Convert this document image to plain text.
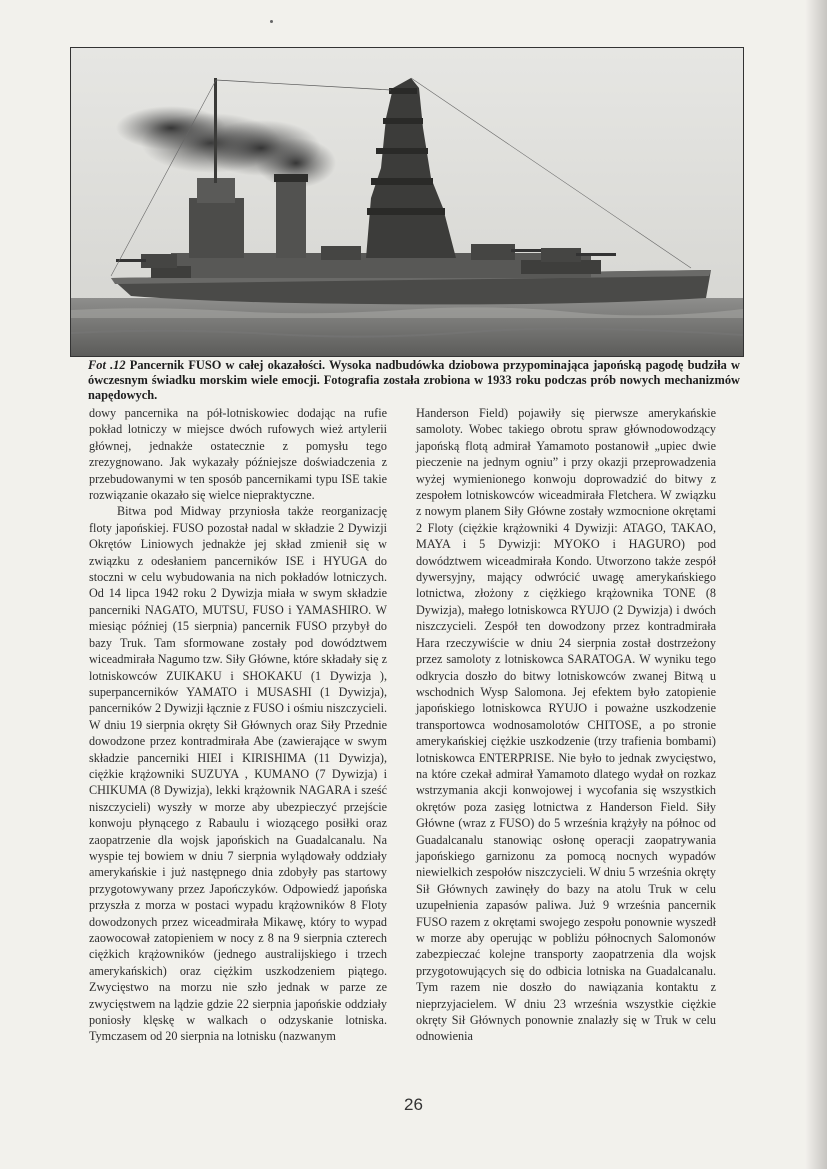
Fot .12 Pancernik FUSO w całej okazałości. Wysoka nadbudówka dziobowa przypominająca japońską pagodę budziła w ówczesnym świadku morskim wiele emocji. Fotografia została zrobiona w 1933 roku podczas prób nowych mechanizmów napędowych.

dowy pancernika na pół-lotniskowiec dodając na rufie pokład lotniczy w miejsce dwóch rufowych wież artylerii głównej, jednakże ostatecznie z pomysłu tego zrezygnowano. Jak wykazały późniejsze doświadczenia z przebudowanymi w ten sposób pancernikami typu ISE takie rozwiązanie okazało się wielce niepraktyczne.

Bitwa pod Midway przyniosła także reorganizację floty japońskiej. FUSO pozostał nadal w składzie 2 Dywizji Okrętów Liniowych jednakże jej skład zmienił się w związku z odesłaniem pancerników ISE i HYUGA do stoczni w celu wybudowania na nich pokładów lotniczych. Od 14 lipca 1942 roku 2 Dywizja miała w swym składzie pancerniki NAGATO, MUTSU, FUSO i YAMASHIRO. W miesiąc później (15 sierpnia) pancernik FUSO przybył do bazy Truk. Tam sformowane zostały pod dowództwem wiceadmirała Nagumo tzw. Siły Główne, które składały się z lotniskowców ZUIKAKU i SHOKAKU (1 Dywizja ), superpancerników YAMATO i MUSASHI (1 Dywizja), pancerników 2 Dywizji łącznie z FUSO i ośmiu niszczycieli. W dniu 19 sierpnia okręty Sił Głównych oraz Siły Przednie dowodzone przez kontradmirała Abe (zawierające w swym składzie pancerniki HIEI i KIRISHIMA (11 Dywizja), ciężkie krążowniki SUZUYA , KUMANO (7 Dywizja) i CHIKUMA (8 Dywizja), lekki krążownik NAGARA i sześć niszczycieli) wyszły w morze aby ubezpieczyć przejście konwoju płynącego z Rabaulu i wiozącego posiłki oraz zaopatrzenie dla wojsk japońskich na Guadalcanalu. Na wyspie tej bowiem w dniu 7 sierpnia wylądowały oddziały amerykańskie i już następnego dnia zdobyły pas startowy przygotowywany przez Japończyków. Odpowiedź japońska przyszła z morza w postaci wypadu krążowników 8 Floty dowodzonych przez wiceadmirała Mikawę, który to wypad zaowocował zatopieniem w nocy z 8 na 9 sierpnia czterech ciężkich krążowników (jednego australijskiego i trzech amerykańskich) oraz ciężkim uszkodzeniem piątego. Zwycięstwo na morzu nie szło jednak w parze ze zwycięstwem na lądzie gdzie 22 sierpnia japońskie oddziały poniosły klęskę w walkach o odzyskanie lotniska. Tymczasem od 20 sierpnia na lotnisku (nazwanym

Handerson Field) pojawiły się pierwsze amerykańskie samoloty. Wobec takiego obrotu spraw głównodowodzący japońską flotą admirał Yamamoto postanowił „upiec dwie pieczenie na jednym ogniu” i przy okazji przeprowadzenia wyżej wymienionego konwoju doprowadzić do bitwy z zespołem lotniskowców wiceadmirała Fletchera. W związku z nowym planem Siły Główne zostały wzmocnione okrętami 2 Floty (ciężkie krążowniki 4 Dywizji: ATAGO, TAKAO, MAYA i 5 Dywizji: MYOKO i HAGURO) pod dowództwem wiceadmirała Kondo. Utworzono także zespół dywersyjny, mający odwrócić uwagę amerykańskiego lotnictwa, złożony z ciężkiego krążownika TONE (8 Dywizja), małego lotniskowca RYUJO (2 Dywizja) i dwóch niszczycieli. Zespół ten dowodzony przez kontradmirała Hara rzeczywiście w dniu 24 sierpnia został dostrzeżony przez samoloty z lotniskowca SARATOGA. W wyniku tego odkrycia doszło do bitwy lotniskowców zwanej Bitwą u wschodnich Wysp Salomona. Jej efektem było zatopienie japońskiego lotniskowca RYUJO i poważne uszkodzenie transportowca wodnosamolotów CHITOSE, a po stronie amerykańskiej ciężkie uszkodzenie (trzy trafienia bombami) lotniskowca ENTERPRISE. Nie było to jednak zwycięstwo, na które czekał admirał Yamamoto dlatego wydał on rozkaz wstrzymania akcji konwojowej i wycofania się wszystkich okrętów poza zasięg lotnictwa z Handerson Field. Siły Główne (wraz z FUSO) do 5 września krążyły na północ od Guadalcanalu stanowiąc osłonę operacji zaopatrywania japońskiego garnizonu za pomocą nocnych wypadów niewielkich zespołów niszczycieli. W dniu 5 września okręty Sił Głównych zawinęły do bazy na atolu Truk w celu uzupełnienia zapasów paliwa. Już 9 września pancernik FUSO razem z okrętami swojego zespołu ponownie wyszedł w morze aby operując w pobliżu północnych Salomonów zabezpieczać kolejne transporty zaopatrzenia dla wojsk przygotowujących się do odbicia lotniska na Guadalcanalu. Tym razem nie doszło do nawiązania kontaktu z nieprzyjacielem. W dniu 23 września wszystkie ciężkie okręty Sił Głównych ponownie znalazły się w Truk w celu odnowienia

26
